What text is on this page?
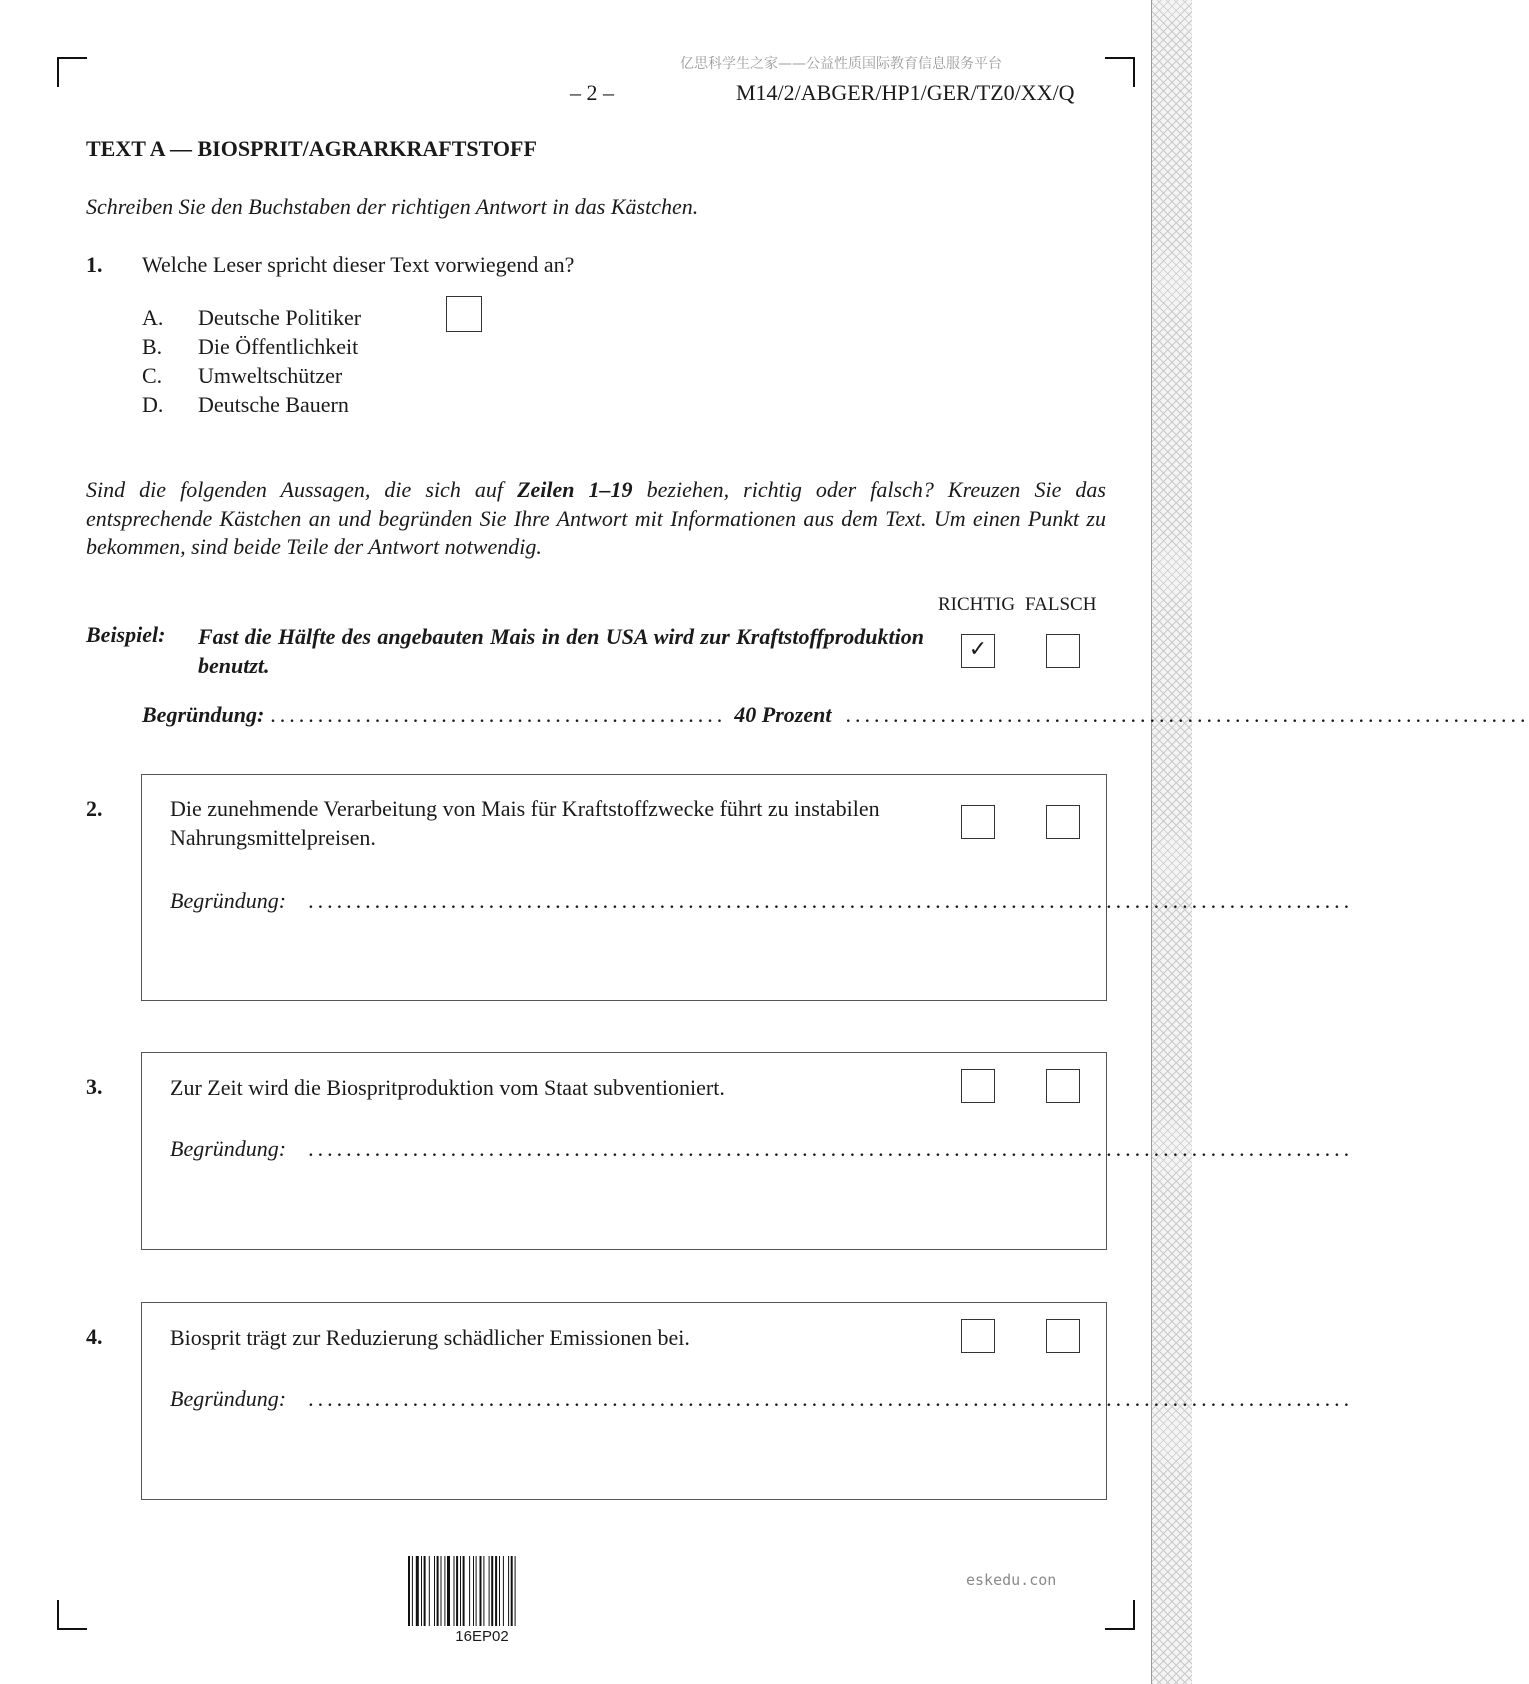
亿思科学生之家——公益性质国际教育信息服务平台
– 2 –	M14/2/ABGER/HP1/GER/TZ0/XX/Q
TEXT A — BIOSPRIT/AGRARKRAFTSTOFF
Schreiben Sie den Buchstaben der richtigen Antwort in das Kästchen.
1. Welche Leser spricht dieser Text vorwiegend an?
A. Deutsche Politiker
B. Die Öffentlichkeit
C. Umweltschützer
D. Deutsche Bauern
Sind die folgenden Aussagen, die sich auf Zeilen 1–19 beziehen, richtig oder falsch? Kreuzen Sie das entsprechende Kästchen an und begründen Sie Ihre Antwort mit Informationen aus dem Text. Um einen Punkt zu bekommen, sind beide Teile der Antwort notwendig.
RICHTIG FALSCH
Beispiel: Fast die Hälfte des angebauten Mais in den USA wird zur Kraftstoffproduktion benutzt.
✓
Begründung: ................................................ 40 Prozent ........................................................................
2.	Die zunehmende Verarbeitung von Mais für Kraftstoffzwecke führt zu instabilen Nahrungsmittelpreisen.
Begründung: ..............................................................................................................
3.	Zur Zeit wird die Biospritproduktion vom Staat subventioniert.
Begründung: ..............................................................................................................
4.	Biosprit trägt zur Reduzierung schädlicher Emissionen bei.
Begründung: ..............................................................................................................
16EP02
eskedu.con
